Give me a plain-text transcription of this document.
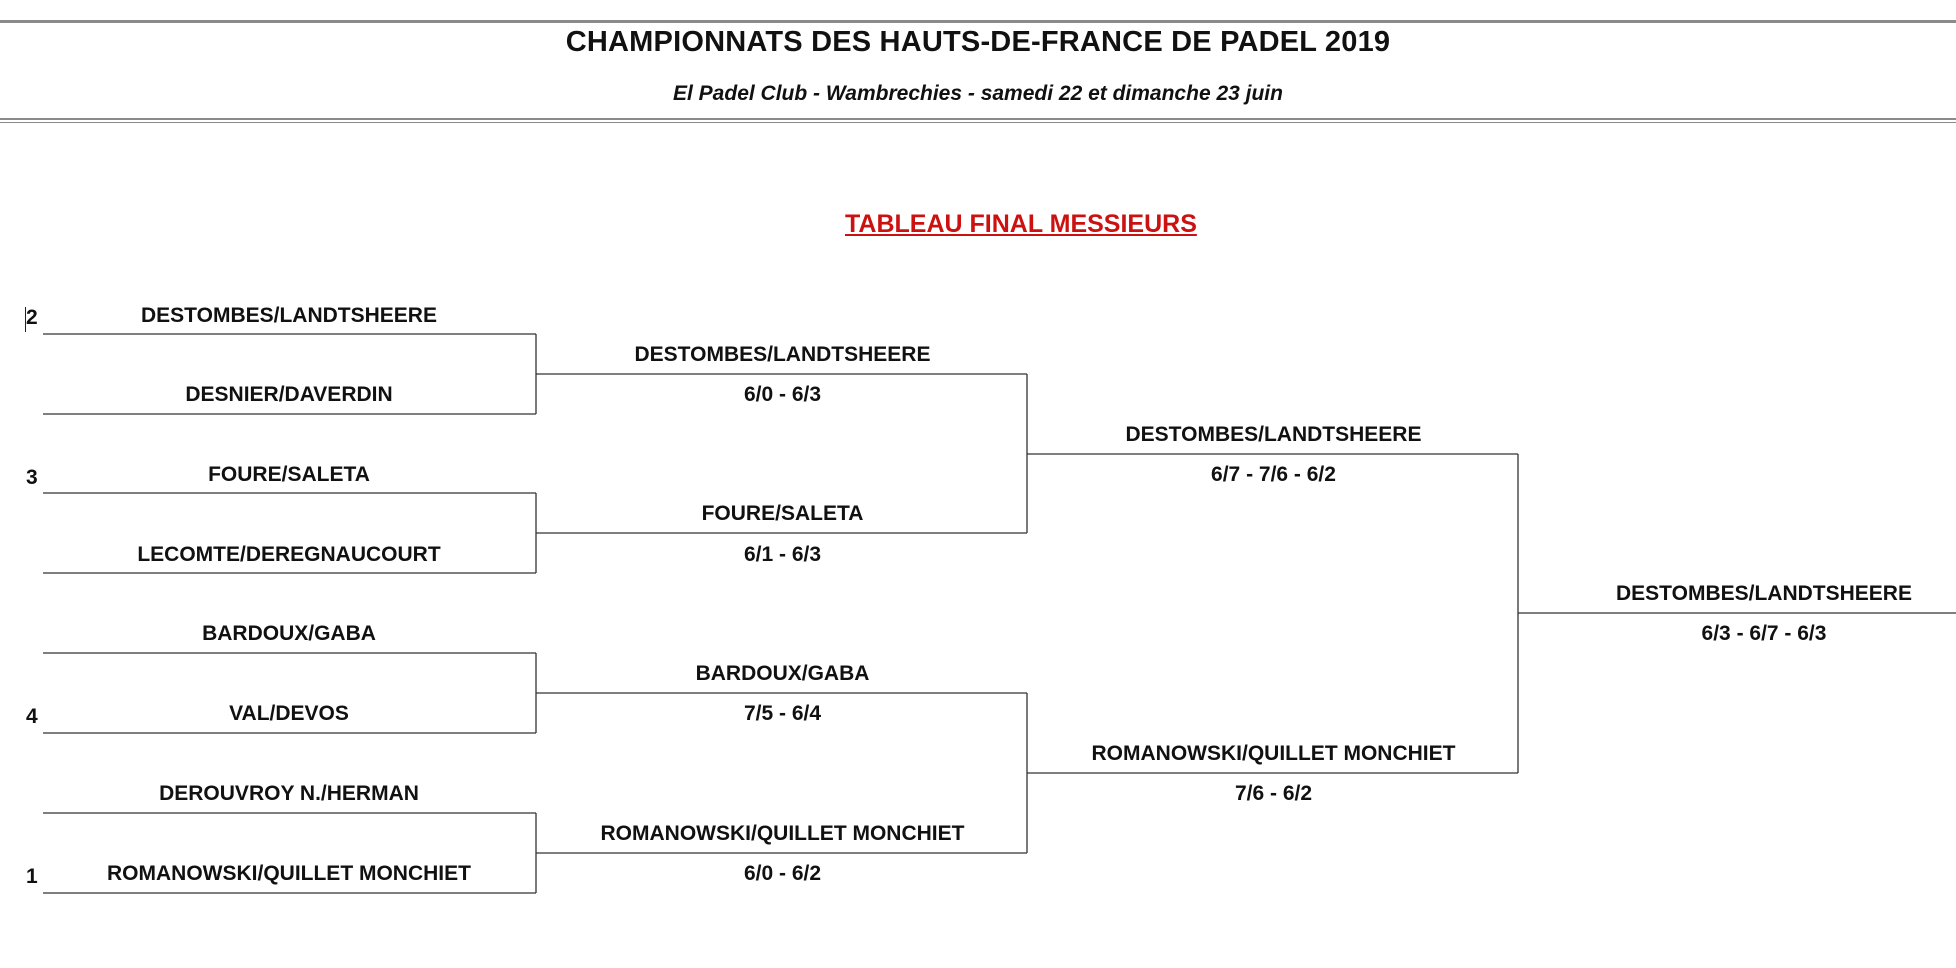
CHAMPIONNATS DES HAUTS-DE-FRANCE DE PADEL 2019
El Padel Club - Wambrechies - samedi 22 et dimanche 23 juin
TABLEAU FINAL MESSIEURS
2	DESTOMBES/LANDTSHEERE
DESNIER/DAVERDIN
3	FOURE/SALETA
LECOMTE/DEREGNAUCOURT
BARDOUX/GABA
4	VAL/DEVOS
DEROUVROY N./HERMAN
1	ROMANOWSKI/QUILLET MONCHIET
DESTOMBES/LANDTSHEERE
6/0 - 6/3
FOURE/SALETA
6/1 - 6/3
BARDOUX/GABA
7/5 - 6/4
ROMANOWSKI/QUILLET MONCHIET
6/0 - 6/2
DESTOMBES/LANDTSHEERE
6/7 - 7/6 - 6/2
ROMANOWSKI/QUILLET MONCHIET
7/6 - 6/2
DESTOMBES/LANDTSHEERE
6/3 - 6/7 - 6/3
